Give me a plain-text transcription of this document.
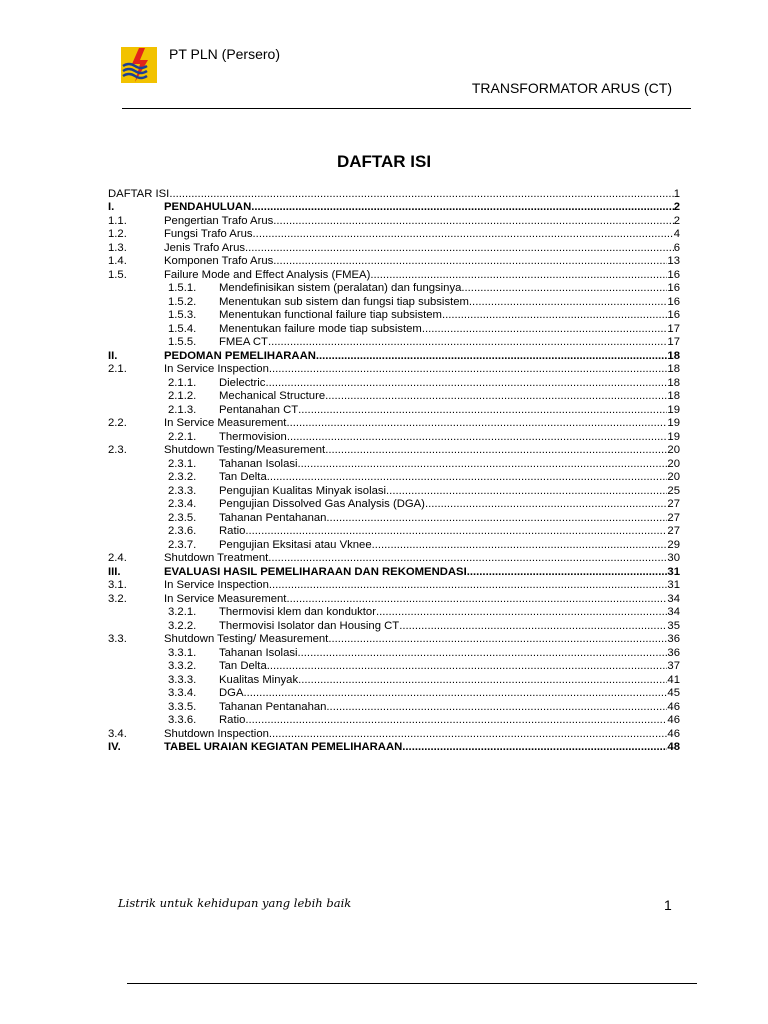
PT PLN (Persero)
TRANSFORMATOR ARUS (CT)
DAFTAR ISI
DAFTAR ISI .....	1
I.	PENDAHULUAN .....	2
1.1.	Pengertian Trafo Arus .....	2
1.2.	Fungsi Trafo Arus .....	4
1.3.	Jenis Trafo Arus .....	6
1.4.	Komponen Trafo Arus .....	13
1.5.	Failure Mode and Effect Analysis (FMEA) .....	16
1.5.1.	Mendefinisikan sistem (peralatan) dan fungsinya .....	16
1.5.2.	Menentukan sub sistem dan fungsi tiap subsistem .....	16
1.5.3.	Menentukan functional failure tiap subsistem .....	16
1.5.4.	Menentukan failure mode tiap subsistem .....	17
1.5.5.	FMEA CT .....	17
II.	PEDOMAN PEMELIHARAAN .....	18
2.1.	In Service Inspection .....	18
2.1.1.	Dielectric .....	18
2.1.2.	Mechanical Structure .....	18
2.1.3.	Pentanahan CT .....	19
2.2.	In Service Measurement .....	19
2.2.1.	Thermovision .....	19
2.3.	Shutdown Testing/Measurement .....	20
2.3.1.	Tahanan Isolasi .....	20
2.3.2.	Tan Delta .....	20
2.3.3.	Pengujian Kualitas Minyak isolasi .....	25
2.3.4.	Pengujian Dissolved Gas Analysis (DGA) .....	27
2.3.5.	Tahanan Pentahanan .....	27
2.3.6.	Ratio .....	27
2.3.7.	Pengujian Eksitasi atau Vknee .....	29
2.4.	Shutdown Treatment .....	30
III.	EVALUASI HASIL PEMELIHARAAN DAN REKOMENDASI .....	31
3.1.	In Service Inspection .....	31
3.2.	In Service Measurement .....	34
3.2.1.	Thermovisi klem dan konduktor .....	34
3.2.2.	Thermovisi Isolator dan Housing CT .....	35
3.3.	Shutdown Testing/ Measurement .....	36
3.3.1.	Tahanan Isolasi .....	36
3.3.2.	Tan Delta .....	37
3.3.3.	Kualitas Minyak .....	41
3.3.4.	DGA .....	45
3.3.5.	Tahanan Pentanahan .....	46
3.3.6.	Ratio .....	46
3.4.	Shutdown Inspection .....	46
IV.	TABEL URAIAN KEGIATAN PEMELIHARAAN .....	48
Listrik untuk kehidupan yang lebih baik	1
